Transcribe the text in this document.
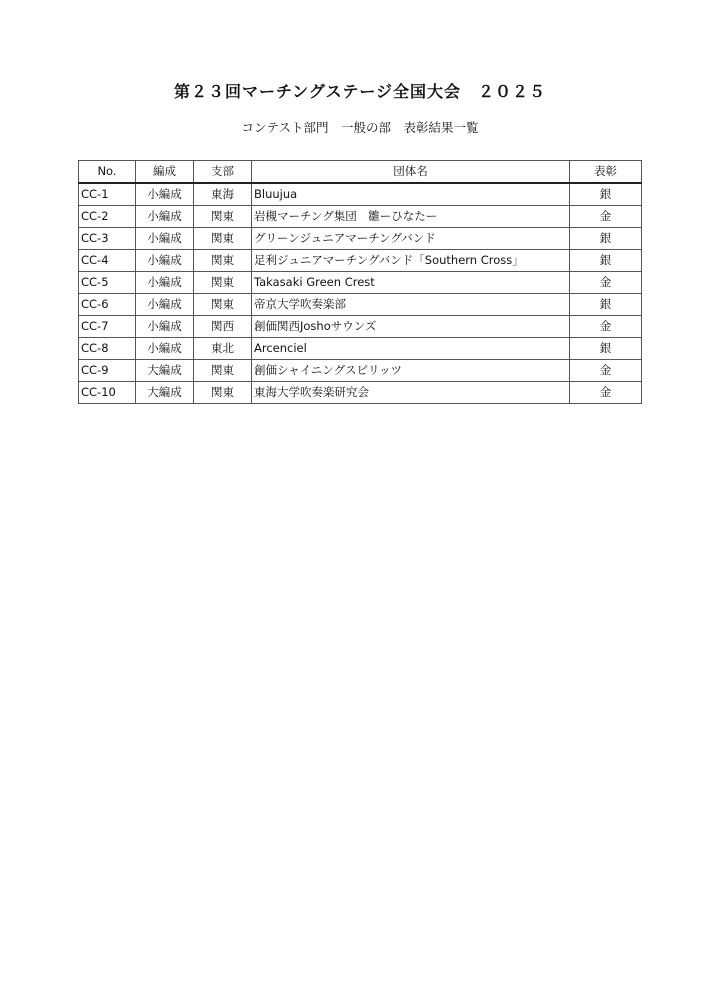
第２３回マーチングステージ全国大会　２０２５
コンテスト部門　一般の部　表彰結果一覧
No.	編成	支部	団体名	表彰
CC-1	小編成	東海	Bluujua	銀
CC-2	小編成	関東	岩槻マーチング集団　雛ーひなたー	金
CC-3	小編成	関東	グリーンジュニアマーチングバンド	銀
CC-4	小編成	関東	足利ジュニアマーチングバンド「Southern Cross」	銀
CC-5	小編成	関東	Takasaki Green Crest	金
CC-6	小編成	関東	帝京大学吹奏楽部	銀
CC-7	小編成	関西	創価関西Joshoサウンズ	金
CC-8	小編成	東北	Arcenciel	銀
CC-9	大編成	関東	創価シャイニングスピリッツ	金
CC-10	大編成	関東	東海大学吹奏楽研究会	金
